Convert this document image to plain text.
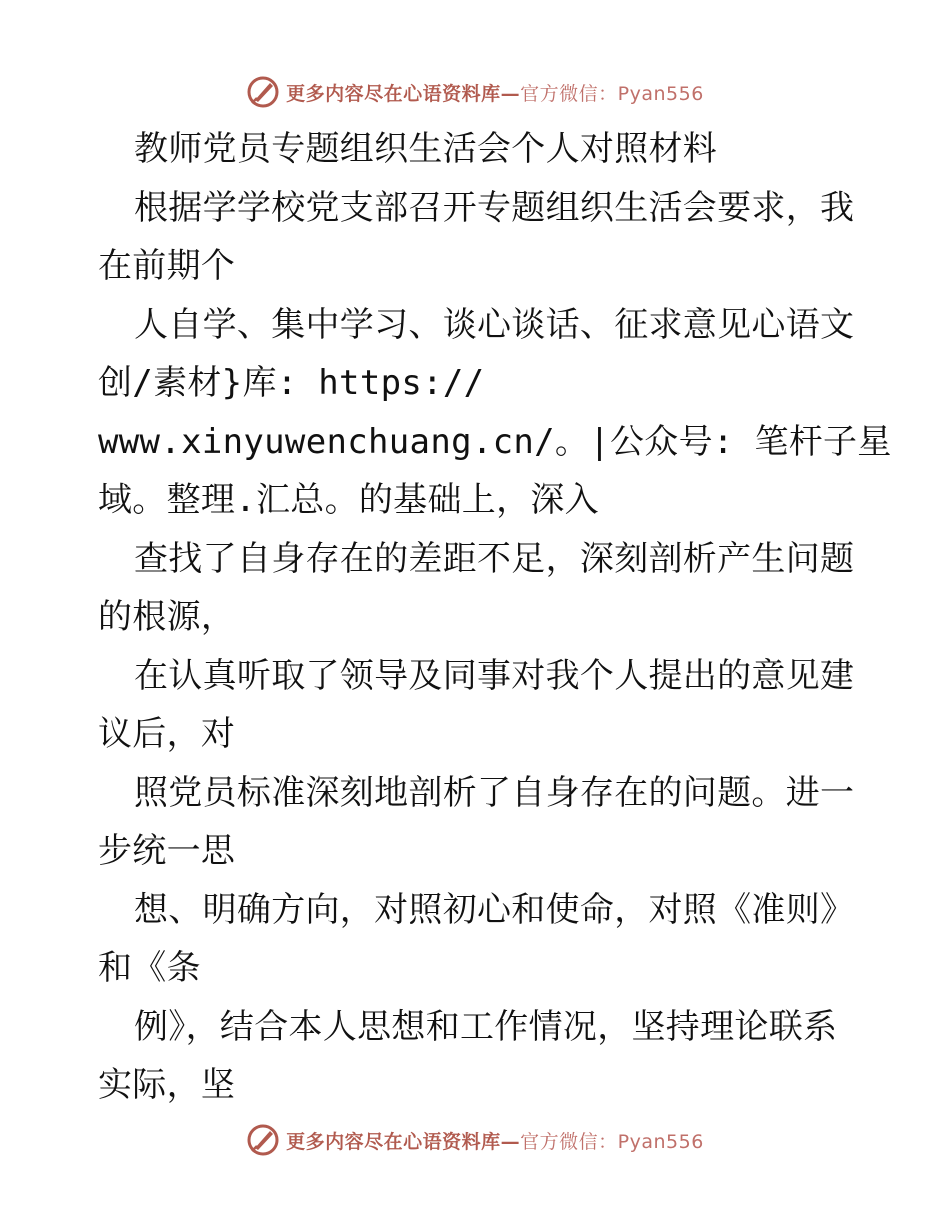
更多内容尽在心语资料库—官方微信：Pyan556
教师党员专题组织生活会个人对照材料
根据学学校党支部召开专题组织生活会要求，我
在前期个
人自学、集中学习、谈心谈话、征求意见心语文
创/素材}库: https://
www.xinyuwenchuang.cn/。|公众号: 笔杆子星
域。整理.汇总。的基础上，深入
查找了自身存在的差距不足，深刻剖析产生问题
的根源，
在认真听取了领导及同事对我个人提出的意见建
议后，对
照党员标准深刻地剖析了自身存在的问题。进一
步统一思
想、明确方向，对照初心和使命，对照《准则》
和《条
例》，结合本人思想和工作情况，坚持理论联系
实际，坚
更多内容尽在心语资料库—官方微信：Pyan556
